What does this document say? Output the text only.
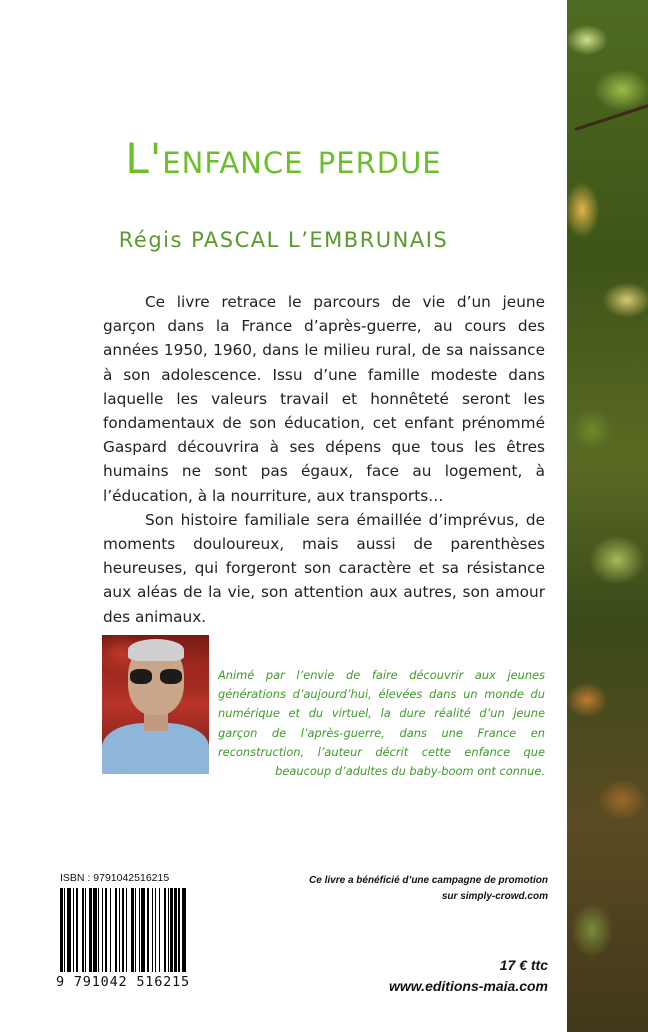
L'enfance perdue
Régis PASCAL L’EMBRUNAIS

Ce livre retrace le parcours de vie d’un jeune garçon dans la France d’après-guerre, au cours des années 1950, 1960, dans le milieu rural, de sa naissance à son adolescence. Issu d’une famille modeste dans laquelle les valeurs travail et honnêteté seront les fondamentaux de son éducation, cet enfant prénommé Gaspard découvrira à ses dépens que tous les êtres humains ne sont pas égaux, face au logement, à l’éducation, à la nourriture, aux transports…

Son histoire familiale sera émaillée d’imprévus, de moments douloureux, mais aussi de parenthèses heureuses, qui forgeront son caractère et sa résistance aux aléas de la vie, son attention aux autres, son amour des animaux.

Animé par l’envie de faire découvrir aux jeunes générations d’aujourd’hui, élevées dans un monde du numérique et du virtuel, la dure réalité d’un jeune garçon de l’après-guerre, dans une France en reconstruction, l’auteur décrit cette enfance que beaucoup d’adultes du baby-boom ont connue.
ISBN : 9791042516215
9 791042 516215
Ce livre a bénéficié d’une campagne de promotion
sur simply-crowd.com
17 € ttc
www.editions-maia.com
